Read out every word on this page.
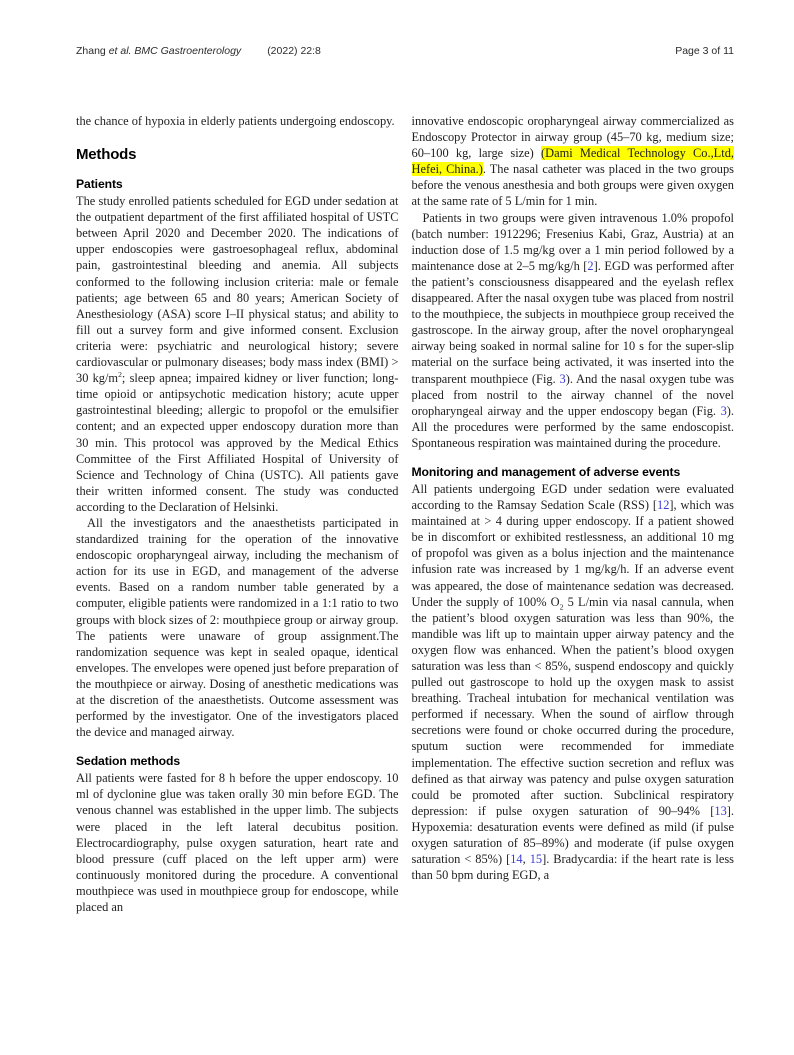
Zhang et al. BMC Gastroenterology (2022) 22:8	Page 3 of 11

the chance of hypoxia in elderly patients undergoing endoscopy.

Methods
Patients

The study enrolled patients scheduled for EGD under sedation at the outpatient department of the first affiliated hospital of USTC between April 2020 and December 2020. The indications of upper endoscopies were gastroesophageal reflux, abdominal pain, gastrointestinal bleeding and anemia. All subjects conformed to the following inclusion criteria: male or female patients; age between 65 and 80 years; American Society of Anesthesiology (ASA) score I–II physical status; and ability to fill out a survey form and give informed consent. Exclusion criteria were: psychiatric and neurological history; severe cardiovascular or pulmonary diseases; body mass index (BMI) > 30 $kg/m^2$; sleep apnea; impaired kidney or liver function; long-time opioid or antipsychotic medication history; acute upper gastrointestinal bleeding; allergic to propofol or the emulsifier content; and an expected upper endoscopy duration more than 30 min. This protocol was approved by the Medical Ethics Committee of the First Affiliated Hospital of University of Science and Technology of China (USTC). All patients gave their written informed consent. The study was conducted according to the Declaration of Helsinki.

All the investigators and the anaesthetists participated in standardized training for the operation of the innovative endoscopic oropharyngeal airway, including the mechanism of action for its use in EGD, and management of the adverse events. Based on a random number table generated by a computer, eligible patients were randomized in a 1:1 ratio to two groups with block sizes of 2: mouthpiece group or airway group. The patients were unaware of group assignment.The randomization sequence was kept in sealed opaque, identical envelopes. The envelopes were opened just before preparation of the mouthpiece or airway. Dosing of anesthetic medications was at the discretion of the anaesthetists. Outcome assessment was performed by the investigator. One of the investigators placed the device and managed airway.

Sedation methods

All patients were fasted for 8 h before the upper endoscopy. 10 ml of dyclonine glue was taken orally 30 min before EGD. The venous channel was established in the upper limb. The subjects were placed in the left lateral decubitus position. Electrocardiography, pulse oxygen saturation, heart rate and blood pressure (cuff placed on the left upper arm) were continuously monitored during the procedure. A conventional mouthpiece was used in mouthpiece group for endoscope, while placed an

innovative endoscopic oropharyngeal airway commercialized as Endoscopy Protector in airway group (45–70 kg, medium size; 60–100 kg, large size) (Dami Medical Technology Co.,Ltd, Hefei, China.). The nasal catheter was placed in the two groups before the venous anesthesia and both groups were given oxygen at the same rate of 5 L/min for 1 min.

Patients in two groups were given intravenous 1.0% propofol (batch number: 1912296; Fresenius Kabi, Graz, Austria) at an induction dose of 1.5 mg/kg over a 1 min period followed by a maintenance dose at 2–5 mg/kg/h [2]. EGD was performed after the patient’s consciousness disappeared and the eyelash reflex disappeared. After the nasal oxygen tube was placed from nostril to the mouthpiece, the subjects in mouthpiece group received the gastroscope. In the airway group, after the novel oropharyngeal airway being soaked in normal saline for 10 s for the super-slip material on the surface being activated, it was inserted into the transparent mouthpiece (Fig. 3). And the nasal oxygen tube was placed from nostril to the airway channel of the novel oropharyngeal airway and the upper endoscopy began (Fig. 3). All the procedures were performed by the same endoscopist. Spontaneous respiration was maintained during the procedure.

Monitoring and management of adverse events

All patients undergoing EGD under sedation were evaluated according to the Ramsay Sedation Scale (RSS) [12], which was maintained at > 4 during upper endoscopy. If a patient showed be in discomfort or exhibited restlessness, an additional 10 mg of propofol was given as a bolus injection and the maintenance infusion rate was increased by 1 mg/kg/h. If an adverse event was appeared, the dose of maintenance sedation was decreased. Under the supply of 100% $O_2$ 5 L/min via nasal cannula, when the patient’s blood oxygen saturation was less than 90%, the mandible was lift up to maintain upper airway patency and the oxygen flow was enhanced. When the patient’s blood oxygen saturation was less than < 85%, suspend endoscopy and quickly pulled out gastroscope to hold up the oxygen mask to assist breathing. Tracheal intubation for mechanical ventilation was performed if necessary. When the sound of airflow through secretions were found or choke occurred during the procedure, sputum suction were recommended for immediate implementation. The effective suction secretion and reflux was defined as that airway was patency and pulse oxygen saturation could be promoted after suction. Subclinical respiratory depression: if pulse oxygen saturation of 90–94% [13]. Hypoxemia: desaturation events were defined as mild (if pulse oxygen saturation of 85–89%) and moderate (if pulse oxygen saturation < 85%) [14, 15]. Bradycardia: if the heart rate is less than 50 bpm during EGD, a
